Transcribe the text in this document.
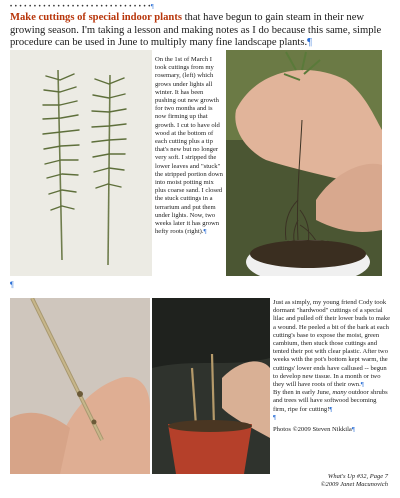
• • • • • • • • • • • • • • • • • • • • • • • • • • • • • •¶
Make cuttings of special indoor plants that have begun to gain steam in their new growing season. I'm taking a lesson and making notes as I do because this same, simple procedure can be used in June to multiply many fine landscape plants.¶
On the 1st of March I took cuttings from my rosemary, (left) which grows under lights all winter. It has been pushing out new growth for two months and is now firming up that growth. I cut to have old wood at the bottom of each cutting plus a tip that's new but no longer very soft. I stripped the lower leaves and "stuck" the stripped portion down into moist potting mix plus coarse sand. I closed the stuck cuttings in a terrarium and put them under lights. Now, two weeks later it has grown hefty roots (right).¶
¶

Just as simply, my young friend Cody took dormant "hardwood" cuttings of a special lilac and pulled off their lower buds to make a wound. He peeled a bit of the bark at each cutting's base to expose the moist, green cambium, then stuck those cuttings and tented their pot with clear plastic. After two weeks with the pot's bottom kept warm, the cuttings' lower ends have callused -- begun to develop new tissue. In a month or two they will have roots of their own.¶

By then in early June, many outdoor shrubs and trees will have softwood becoming firm, ripe for cutting!¶

¶

Photos ©2009 Steven Nikkila¶

What's Up #32, Page 7
©2009 Janet Macunovich
